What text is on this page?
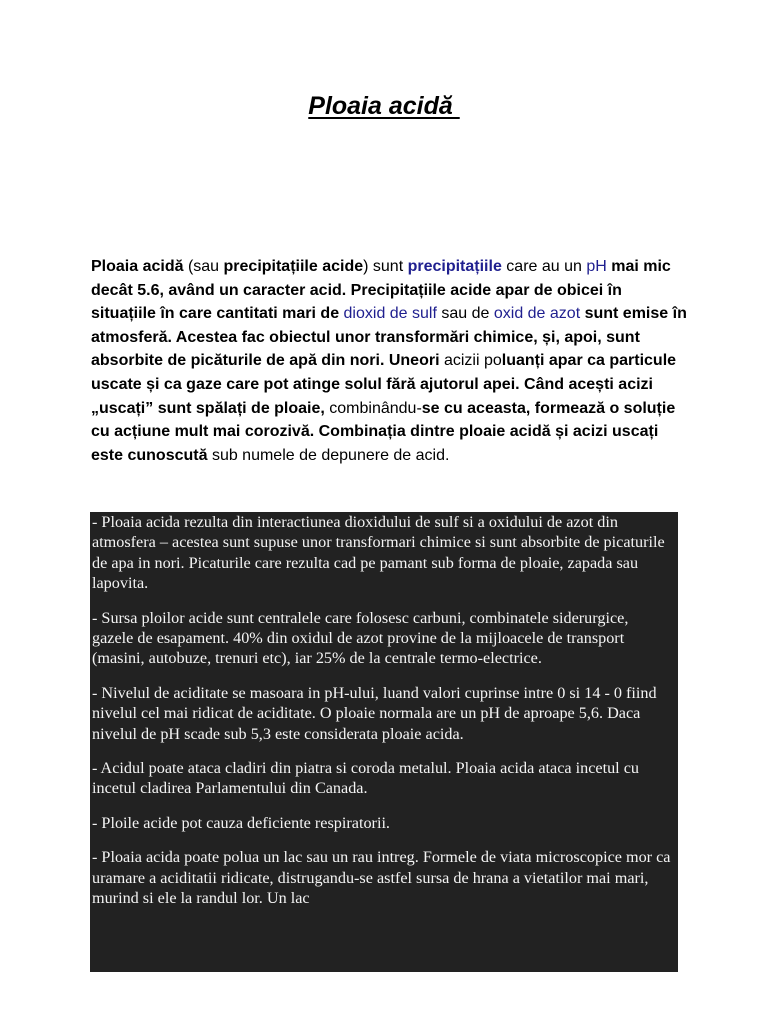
Ploaia acidă
Ploaia acidă (sau precipitațiile acide) sunt precipitațiile care au un pH mai mic decât 5.6, având un caracter acid. Precipitațiile acide apar de obicei în situațiile în care cantitati mari de dioxid de sulf sau de oxid de azot sunt emise în atmosferă. Acestea fac obiectul unor transformări chimice, și, apoi, sunt absorbite de picăturile de apă din nori. Uneori acizii poluanți apar ca particule uscate și ca gaze care pot atinge solul fără ajutorul apei. Când acești acizi „uscați” sunt spălați de ploaie, combinându-se cu aceasta, formează o soluție cu acțiune mult mai corozivă. Combinația dintre ploaie acidă și acizi uscați este cunoscută sub numele de depunere de acid.

- Ploaia acida rezulta din interactiunea dioxidului de sulf si a oxidului de azot din atmosfera – acestea sunt supuse unor transformari chimice si sunt absorbite de picaturile de apa in nori. Picaturile care rezulta cad pe pamant sub forma de ploaie, zapada sau lapovita.

- Sursa ploilor acide sunt centralele care folosesc carbuni, combinatele siderurgice, gazele de esapament. 40% din oxidul de azot provine de la mijloacele de transport (masini, autobuze, trenuri etc), iar 25% de la centrale termo-electrice.

- Nivelul de aciditate se masoara in pH-ului, luand valori cuprinse intre 0 si 14 - 0 fiind nivelul cel mai ridicat de aciditate. O ploaie normala are un pH de aproape 5,6. Daca nivelul de pH scade sub 5,3 este considerata ploaie acida.

- Acidul poate ataca cladiri din piatra si coroda metalul. Ploaia acida ataca incetul cu incetul cladirea Parlamentului din Canada.

- Ploile acide pot cauza deficiente respiratorii.

- Ploaia acida poate polua un lac sau un rau intreg. Formele de viata microscopice mor ca uramare a aciditatii ridicate, distrugandu-se astfel sursa de hrana a vietatilor mai mari, murind si ele la randul lor. Un lac
